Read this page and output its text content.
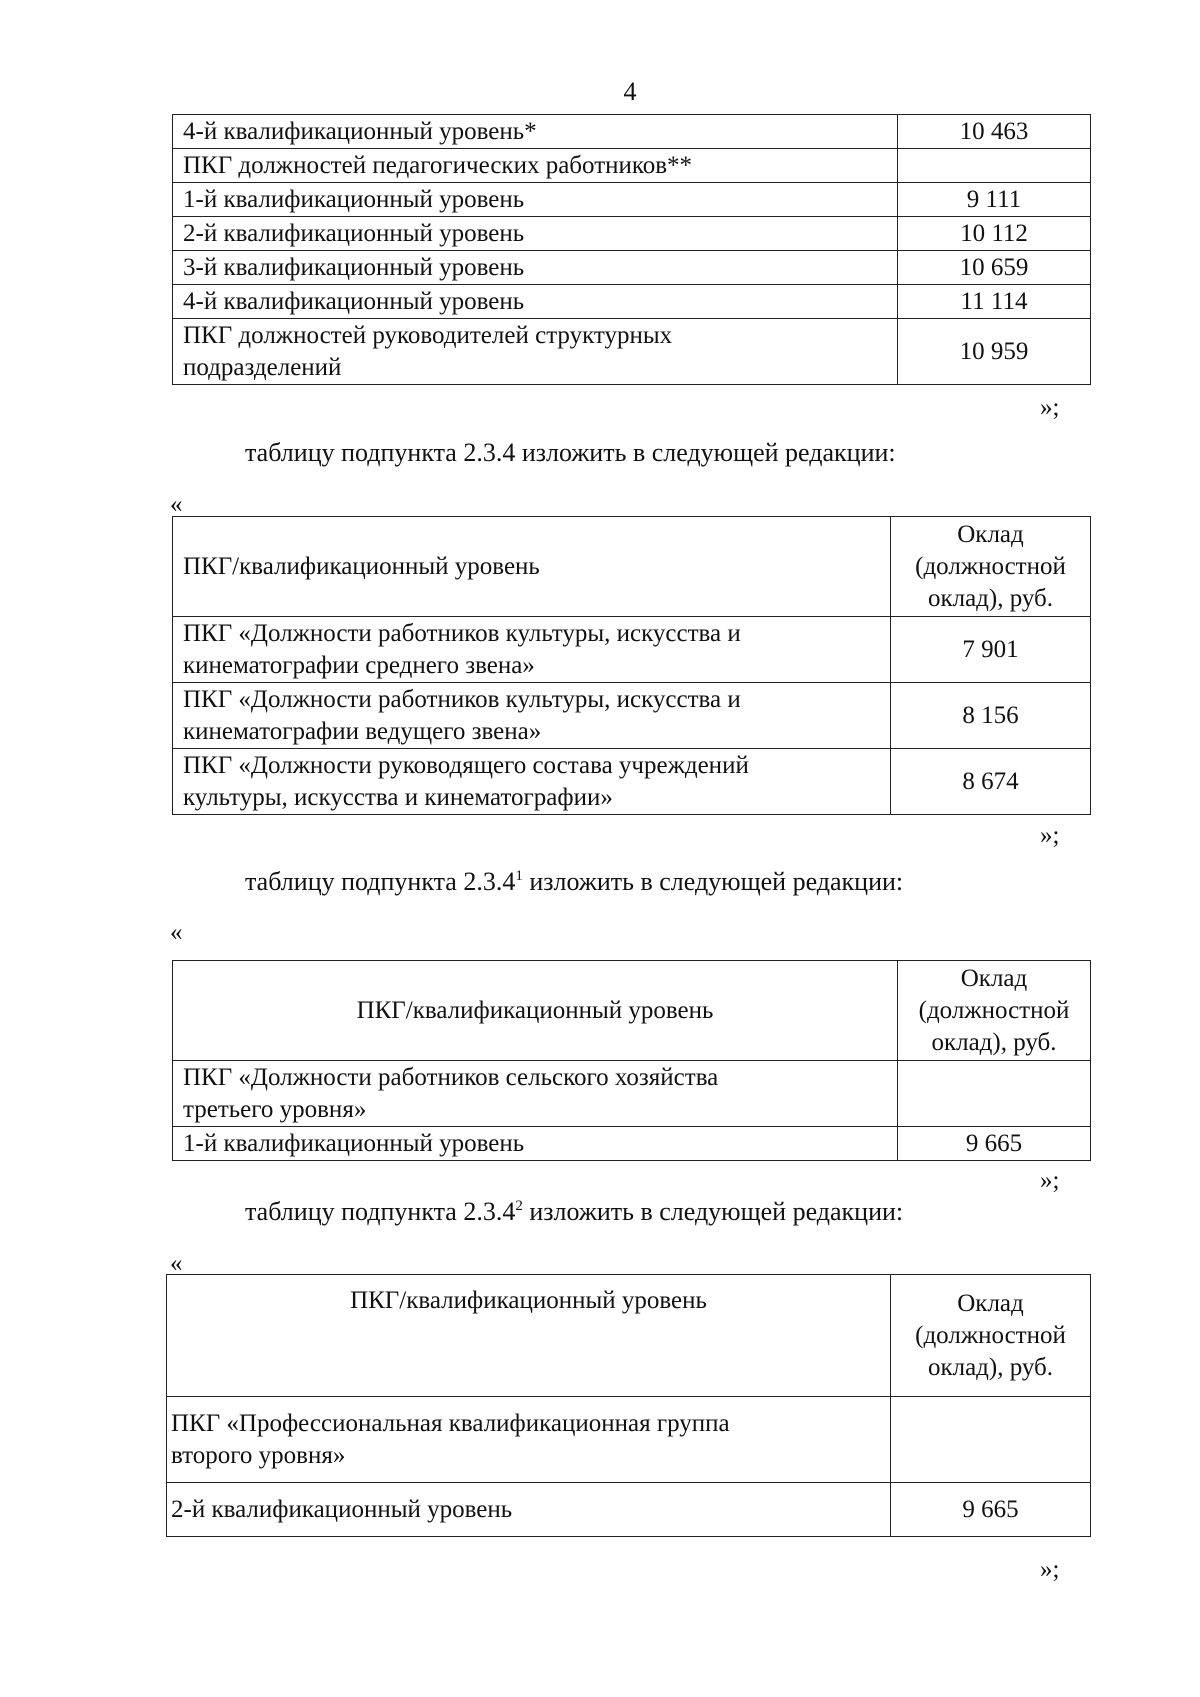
4
4-й квалификационный уровень*	10 463
ПКГ должностей педагогических работников**	
1-й квалификационный уровень	9 111
2-й квалификационный уровень	10 112
3-й квалификационный уровень	10 659
4-й квалификационный уровень	11 114

ПКГ должностей руководителей структурных
подразделений	10 959
»;
таблицу подпункта 2.3.4 изложить в следующей редакции:
«
ПКГ/квалификационный уровень	Оклад
(должностной
оклад), руб.

ПКГ «Должности работников культуры, искусства и
кинематографии среднего звена»	7 901

ПКГ «Должности работников культуры, искусства и
кинематографии ведущего звена»	8 156

ПКГ «Должности руководящего состава учреждений
культуры, искусства и кинематографии»	8 674
»;
таблицу подпункта 2.3.4$^1$ изложить в следующей редакции:
«
ПКГ/квалификационный уровень	Оклад
(должностной
оклад), руб.

ПКГ «Должности работников сельского хозяйства
третьего уровня»	

1-й квалификационный уровень	9 665
»;
таблицу подпункта 2.3.4$^2$ изложить в следующей редакции:
«
ПКГ/квалификационный уровень	Оклад
(должностной
оклад), руб.

ПКГ «Профессиональная квалификационная группа
второго уровня»	

2-й квалификационный уровень	9 665
»;
